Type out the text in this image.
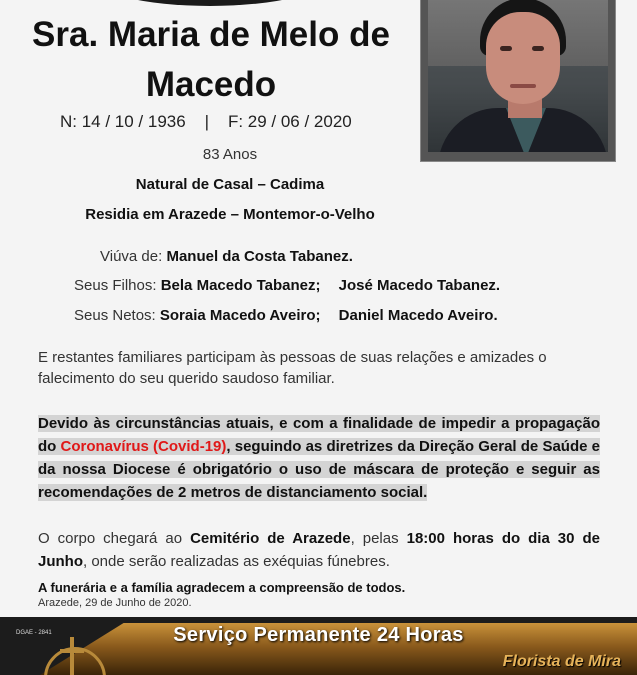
Sra. Maria de Melo de
Macedo
N: 14 / 10 / 1936 | F: 29 / 06 / 2020
83 Anos
Natural de Casal – Cadima
Residia em Arazede – Montemor-o-Velho
Viúva de: Manuel da Costa Tabanez.
Seus Filhos: Bela Macedo Tabanez; José Macedo Tabanez.
Seus Netos: Soraia Macedo Aveiro; Daniel Macedo Aveiro.
E restantes familiares participam às pessoas de suas relações e amizades o falecimento do seu querido saudoso familiar.
Devido às circunstâncias atuais, e com a finalidade de impedir a propagação do Coronavírus (Covid-19), seguindo as diretrizes da Direção Geral de Saúde e da nossa Diocese é obrigatório o uso de máscara de proteção e seguir as recomendações de 2 metros de distanciamento social.
O corpo chegará ao Cemitério de Arazede, pelas 18:00 horas do dia 30 de Junho, onde serão realizadas as exéquias fúnebres.
A funerária e a família agradecem a compreensão de todos.
Arazede, 29 de Junho de 2020.
DGAE - 2841	Serviço Permanente 24 Horas
Florista de Mira
